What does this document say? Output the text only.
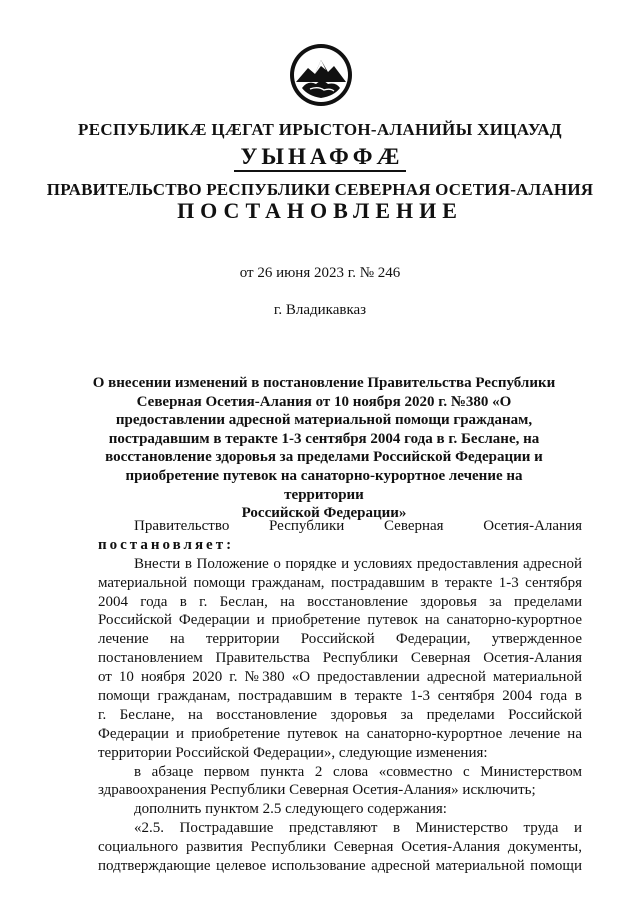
РЕСПУБЛИКӔ ЦӔГАТ ИРЫСТОН-АЛАНИЙЫ ХИЦАУАД
УЫНАФФӔ
ПРАВИТЕЛЬСТВО РЕСПУБЛИКИ СЕВЕРНАЯ ОСЕТИЯ-АЛАНИЯ
ПОСТАНОВЛЕНИЕ
от 26 июня 2023 г. № 246
г. Владикавказ
О внесении изменений в постановление Правительства Республики
Северная Осетия-Алания от 10 ноября 2020 г. №380 «О
предоставлении адресной материальной помощи гражданам,
пострадавшим в теракте 1-3 сентября 2004 года в г. Беслане, на
восстановление здоровья за пределами Российской Федерации и
приобретение путевок на санаторно-курортное лечение на территории
Российской Федерации»
Правительство Республики Северная Осетия-Алания
постановляет:
Внести в Положение о порядке и условиях предоставления адресной
материальной помощи гражданам, пострадавшим в теракте 1-3 сентября
2004 года в г. Беслан, на восстановление здоровья за пределами
Российской Федерации и приобретение путевок на санаторно-курортное
лечение на территории Российской Федерации, утвержденное
постановлением Правительства Республики Северная Осетия-Алания
от 10 ноября 2020 г. №380 «О предоставлении адресной материальной
помощи гражданам, пострадавшим в теракте 1-3 сентября 2004 года в
г. Беслане, на восстановление здоровья за пределами Российской
Федерации и приобретение путевок на санаторно-курортное лечение на
территории Российской Федерации», следующие изменения:
в абзаце первом пункта 2 слова «совместно с Министерством
здравоохранения Республики Северная Осетия-Алания» исключить;
дополнить пунктом 2.5 следующего содержания:
«2.5. Пострадавшие представляют в Министерство труда и
социального развития Республики Северная Осетия-Алания документы,
подтверждающие целевое использование адресной материальной помощи
